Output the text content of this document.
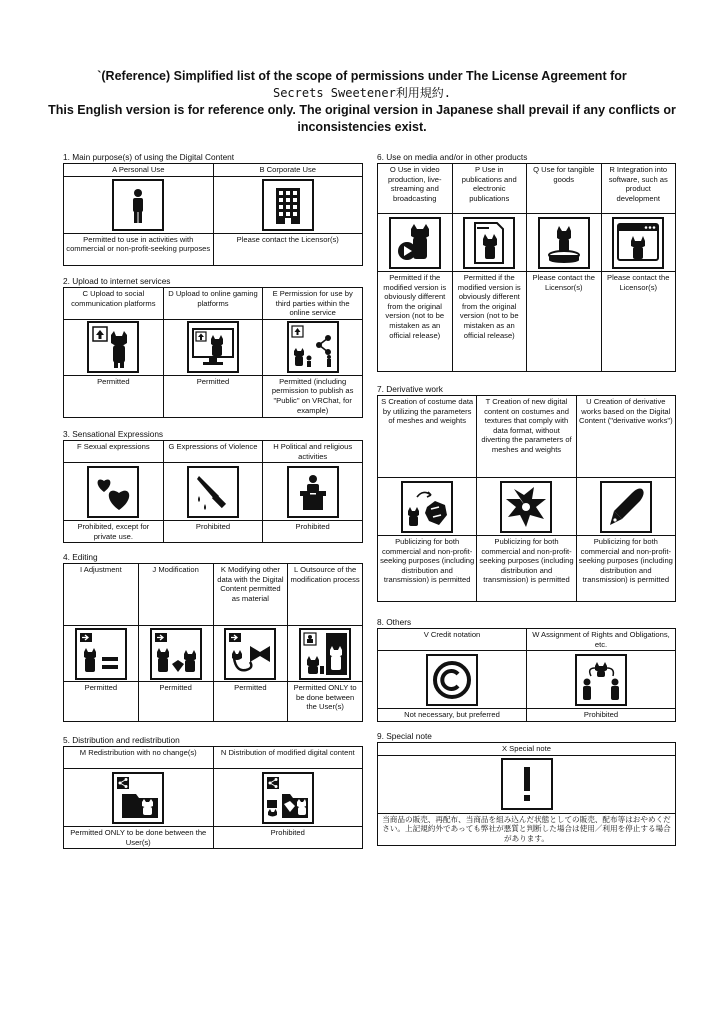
`(Reference) Simplified list of the scope of permissions under The License Agreement for
Secrets Sweetener利用規約.
This English version is for reference only. The original version in Japanese shall prevail if any conflicts or
inconsistencies exist.
1. Main purpose(s) of using the Digital Content
A Personal Use	B Corporate Use

Permitted to use in activities with commercial or non-profit-seeking purposes	Please contact the Licensor(s)
2. Upload to internet services
C Upload to social communication platforms	D Upload to online gaming platforms	E Permission for use by third parties within the online service

Permitted	Permitted	Permitted (including permission to publish as "Public" on VRChat, for example)
3. Sensational Expressions
F Sexual expressions	G Expressions of Violence	H Political and religious activities

Prohibited, except for private use.	Prohibited	Prohibited
4. Editing
I Adjustment	J Modification	K Modifying other data with the Digital Content permitted as material	L Outsource of the modification process

Permitted	Permitted	Permitted	Permitted ONLY to be done between the User(s)
5. Distribution and redistribution
M Redistribution with no change(s)	N Distribution of modified digital content

Permitted ONLY to be done between the User(s)	Prohibited
6. Use on media and/or in other products
O Use in video production, live-streaming and broadcasting	P Use in publications and electronic publications	Q Use for tangible goods	R Integration into software, such as product development

Permitted if the modified version is obviously different from the original version (not to be mistaken as an official release)	Permitted if the modified version is obviously different from the original version (not to be mistaken as an official release)	Please contact the Licensor(s)	Please contact the Licensor(s)
7. Derivative work
S Creation of costume data by utilizing the parameters of meshes and weights	T Creation of new digital content on costumes and textures that comply with data format, without diverting the parameters of meshes and weights	U Creation of derivative works based on the Digital Content ("derivative works")

Publicizing for both commercial and non-profit-seeking purposes (including distribution and transmission) is permitted	Publicizing for both commercial and non-profit-seeking purposes (including distribution and transmission) is permitted	Publicizing for both commercial and non-profit-seeking purposes (including distribution and transmission) is permitted
8. Others
V Credit notation	W Assignment of Rights and Obligations, etc.

Not necessary, but preferred	Prohibited
9. Special note
X Special note

当商品の販売、再配布、当商品を組み込んだ状態としての販売、配布等はおやめください。上記規約外であっても弊社が悪質と判断した場合は使用／利用を停止する場合があります。
